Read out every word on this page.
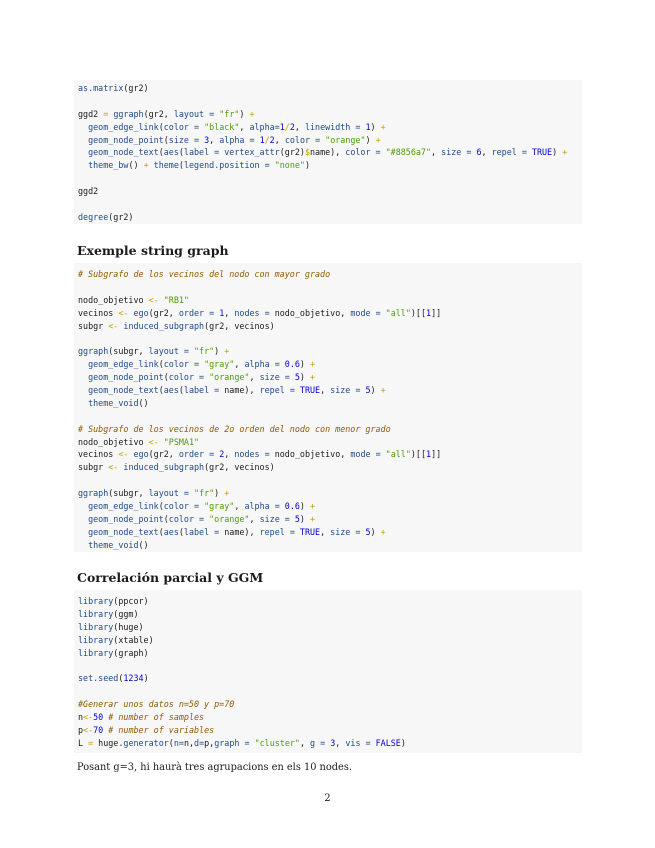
as.matrix(gr2)

ggd2 = ggraph(gr2, layout = "fr") +
geom_edge_link(color = "black", alpha=1/2, linewidth = 1) +
geom_node_point(size = 3, alpha = 1/2, color = "orange") +
geom_node_text(aes(label = vertex_attr(gr2)$name), color = "#8856a7", size = 6, repel = TRUE) +
theme_bw() + theme(legend.position = "none")

ggd2

degree(gr2)
Exemple string graph
# Subgrafo de los vecinos del nodo con mayor grado

nodo_objetivo <- "RB1"
vecinos <- ego(gr2, order = 1, nodes = nodo_objetivo, mode = "all")[[1]]
subgr <- induced_subgraph(gr2, vecinos)

ggraph(subgr, layout = "fr") +
geom_edge_link(color = "gray", alpha = 0.6) +
geom_node_point(color = "orange", size = 5) +
geom_node_text(aes(label = name), repel = TRUE, size = 5) +
theme_void()

# Subgrafo de los vecinos de 2o orden del nodo con menor grado
nodo_objetivo <- "PSMA1"
vecinos <- ego(gr2, order = 2, nodes = nodo_objetivo, mode = "all")[[1]]
subgr <- induced_subgraph(gr2, vecinos)

ggraph(subgr, layout = "fr") +
geom_edge_link(color = "gray", alpha = 0.6) +
geom_node_point(color = "orange", size = 5) +
geom_node_text(aes(label = name), repel = TRUE, size = 5) +
theme_void()
Correlación parcial y GGM
library(ppcor)
library(ggm)
library(huge)
library(xtable)
library(graph)

set.seed(1234)

#Generar unos datos n=50 y p=70
n<-50 # number of samples
p<-70 # number of variables
L = huge.generator(n=n,d=p,graph = "cluster", g = 3, vis = FALSE)
Posant g=3, hi haurà tres agrupacions en els 10 nodes.
2
